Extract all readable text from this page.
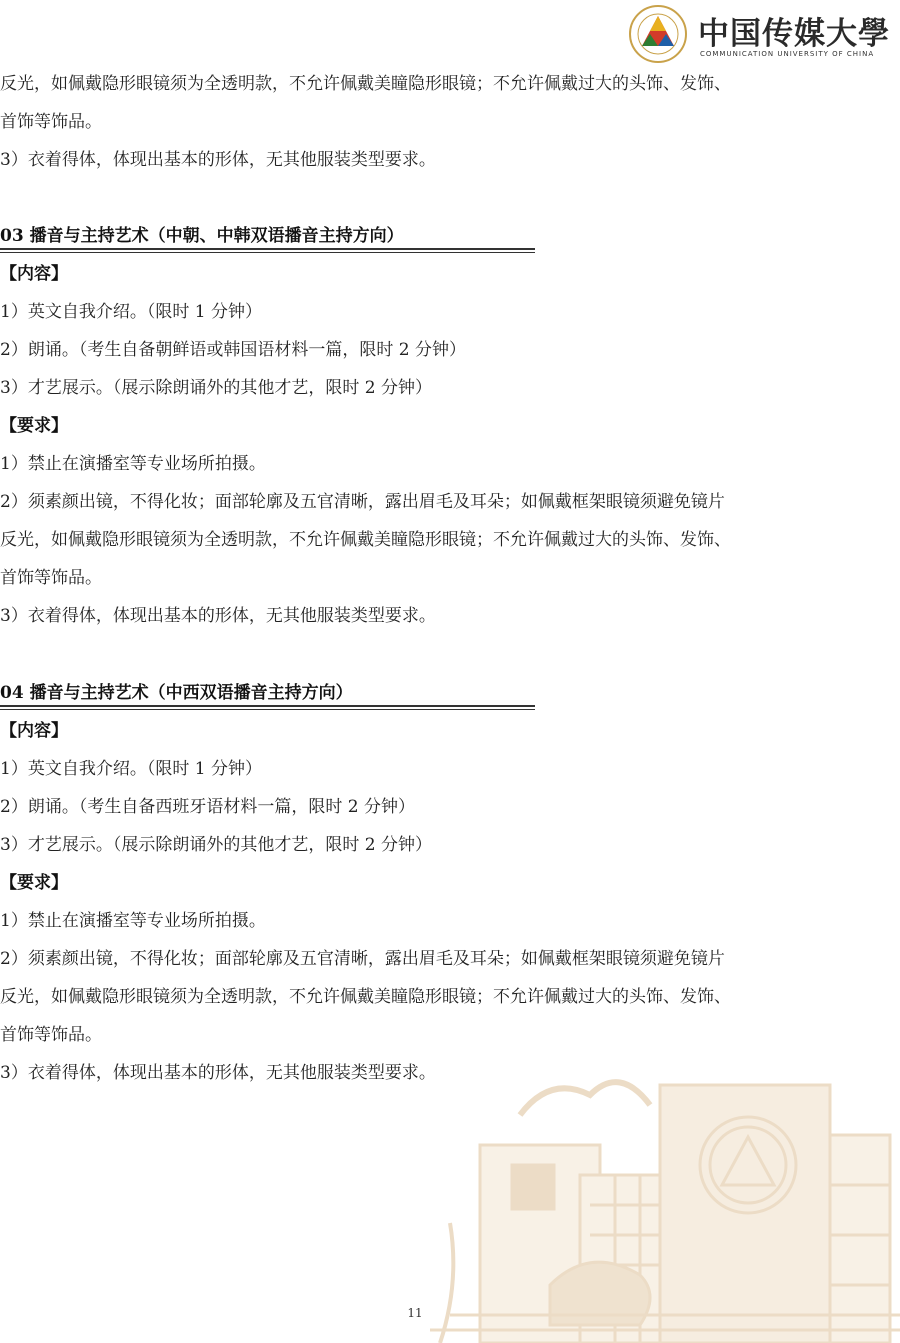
中国传媒大學
COMMUNICATION UNIVERSITY OF CHINA
反光，如佩戴隐形眼镜须为全透明款，不允许佩戴美瞳隐形眼镜；不允许佩戴过大的头饰、发饰、
首饰等饰品。
3）衣着得体，体现出基本的形体，无其他服装类型要求。
03 播音与主持艺术（中朝、中韩双语播音主持方向）
【内容】
1）英文自我介绍。（限时 1 分钟）
2）朗诵。（考生自备朝鲜语或韩国语材料一篇，限时 2 分钟）
3）才艺展示。（展示除朗诵外的其他才艺，限时 2 分钟）
【要求】
1）禁止在演播室等专业场所拍摄。
2）须素颜出镜，不得化妆；面部轮廓及五官清晰，露出眉毛及耳朵；如佩戴框架眼镜须避免镜片
反光，如佩戴隐形眼镜须为全透明款，不允许佩戴美瞳隐形眼镜；不允许佩戴过大的头饰、发饰、
首饰等饰品。
3）衣着得体，体现出基本的形体，无其他服装类型要求。
04 播音与主持艺术（中西双语播音主持方向）
【内容】
1）英文自我介绍。（限时 1 分钟）
2）朗诵。（考生自备西班牙语材料一篇，限时 2 分钟）
3）才艺展示。（展示除朗诵外的其他才艺，限时 2 分钟）
【要求】
1）禁止在演播室等专业场所拍摄。
2）须素颜出镜，不得化妆；面部轮廓及五官清晰，露出眉毛及耳朵；如佩戴框架眼镜须避免镜片
反光，如佩戴隐形眼镜须为全透明款，不允许佩戴美瞳隐形眼镜；不允许佩戴过大的头饰、发饰、
首饰等饰品。
3）衣着得体，体现出基本的形体，无其他服装类型要求。
11
